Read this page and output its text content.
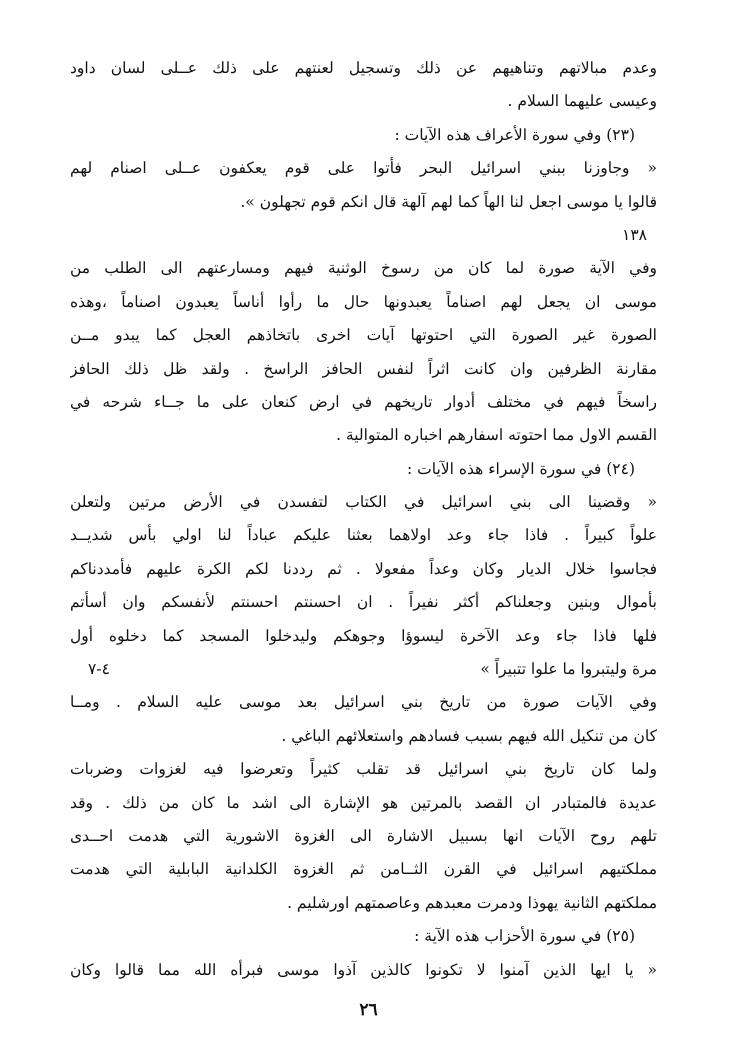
وعدم مبالاتهم وتناهيهم عن ذلك وتسجيل لعنتهم على ذلك عــلى لسان داود
وعيسى عليهما السلام .
(٢٣) وفي سورة الأعراف هذه الآيات :
« وجاوزنا ببني اسرائيل البحر فأتوا على قوم يعكفون عــلى اصنام لهم
قالوا يا موسى اجعل لنا الهاً كما لهم آلهة قال انكم قوم تجهلون ».
١٣٨
وفي الآية صورة لما كان من رسوخ الوثنية فيهم ومسارعتهم الى الطلب من
موسى ان يجعل لهم اصناماً يعبدونها حال ما رأوا أناساً يعبدون اصناماً ،وهذه
الصورة غير الصورة التي احتوتها آيات اخرى باتخاذهم العجل كما يبدو مــن
مقارنة الظرفين وان كانت اثراً لنفس الحافز الراسخ . ولقد ظل ذلك الحافز
راسخاً فيهم في مختلف أدوار تاريخهم في ارض كنعان على ما جــاء شرحه في
القسم الاول مما احتوته اسفارهم اخباره المتوالية .
(٢٤) في سورة الإسراء هذه الآيات :
« وقضينا الى بني اسرائيل في الكتاب لتفسدن في الأرض مرتين ولتعلن
علواً كبيراً . فاذا جاء وعد اولاهما بعثنا عليكم عباداً لنا اولي بأس شديــد
فجاسوا خلال الديار وكان وعداً مفعولا . ثم رددنا لكم الكرة عليهم فأمددناكم
بأموال وبنين وجعلناكم أكثر نفيراً . ان احسنتم احسنتم لأنفسكم وان أسأتم
فلها فاذا جاء وعد الآخرة ليسوؤا وجوهكم وليدخلوا المسجد كما دخلوه أول
مرة وليتبروا ما علوا تتبيراً »
٤-٧
وفي الآيات صورة من تاريخ بني اسرائيل بعد موسى عليه السلام . ومــا
كان من تنكيل الله فيهم بسبب فسادهم واستعلائهم الباغي .
ولما كان تاريخ بني اسرائيل قد تقلب كثيراً وتعرضوا فيه لغزوات وضربات
عديدة فالمتبادر ان القصد بالمرتين هو الإشارة الى اشد ما كان من ذلك . وقد
تلهم روح الآيات انها بسبيل الاشارة الى الغزوة الاشورية التي هدمت احــدى
مملكتيهم اسرائيل في القرن الثــامن ثم الغزوة الكلدانية البابلية التي هدمت
مملكتهم الثانية يهوذا ودمرت معبدهم وعاصمتهم اورشليم .
(٢٥) في سورة الأحزاب هذه الآية :
« يا ايها الذين آمنوا لا تكونوا كالذين آذوا موسى فبرأه الله مما قالوا وكان
٢٦
